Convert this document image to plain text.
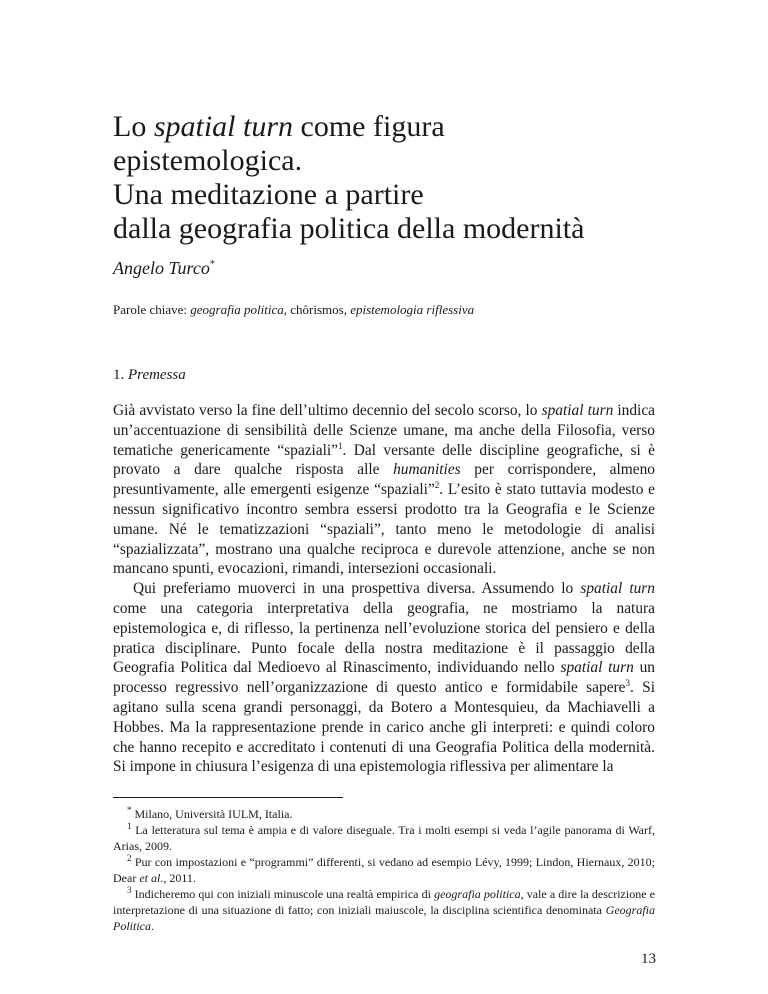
Lo spatial turn come figura
epistemologica.
Una meditazione a partire
dalla geografia politica della modernità
Angelo Turco*
Parole chiave: geografia politica, chôrismos, epistemologia riflessiva
1. Premessa

Già avvistato verso la fine dell’ultimo decennio del secolo scorso, lo spatial turn indica un’accentuazione di sensibilità delle Scienze umane, ma anche della Filosofia, verso tematiche genericamente “spaziali”$^1$. Dal versante delle discipline geografiche, si è provato a dare qualche risposta alle humanities per corrispondere, almeno presuntivamente, alle emergenti esigenze “spaziali”$^2$. L’esito è stato tuttavia modesto e nessun significativo incontro sembra essersi prodotto tra la Geografia e le Scienze umane. Né le tematizzazioni “spaziali”, tanto meno le metodologie di analisi “spazializzata”, mostrano una qualche reciproca e durevole attenzione, anche se non mancano spunti, evocazioni, rimandi, intersezioni occasionali.

Qui preferiamo muoverci in una prospettiva diversa. Assumendo lo spatial turn come una categoria interpretativa della geografia, ne mostriamo la natura epistemologica e, di riflesso, la pertinenza nell’evoluzione storica del pensiero e della pratica disciplinare. Punto focale della nostra meditazione è il passaggio della Geografia Politica dal Medioevo al Rinascimento, individuando nello spatial turn un processo regressivo nell’organizzazione di questo antico e formidabile sapere$^3$. Si agitano sulla scena grandi personaggi, da Botero a Montesquieu, da Machiavelli a Hobbes. Ma la rappresentazione prende in carico anche gli interpreti: e quindi coloro che hanno recepito e accreditato i contenuti di una Geografia Politica della modernità. Si impone in chiusura l’esigenza di una epistemologia riflessiva per alimentare la

* Milano, Università IULM, Italia.

$^1$ La letteratura sul tema è ampia e di valore diseguale. Tra i molti esempi si veda l’agile panorama di Warf, Arias, 2009.

$^2$ Pur con impostazioni e “programmi” differenti, si vedano ad esempio Lévy, 1999; Lindon, Hiernaux, 2010; Dear et al., 2011.

$^3$ Indicheremo qui con iniziali minuscole una realtà empirica di geografia politica, vale a dire la descrizione e interpretazione di una situazione di fatto; con iniziali maiuscole, la disciplina scientifica denominata Geografia Politica.

13
